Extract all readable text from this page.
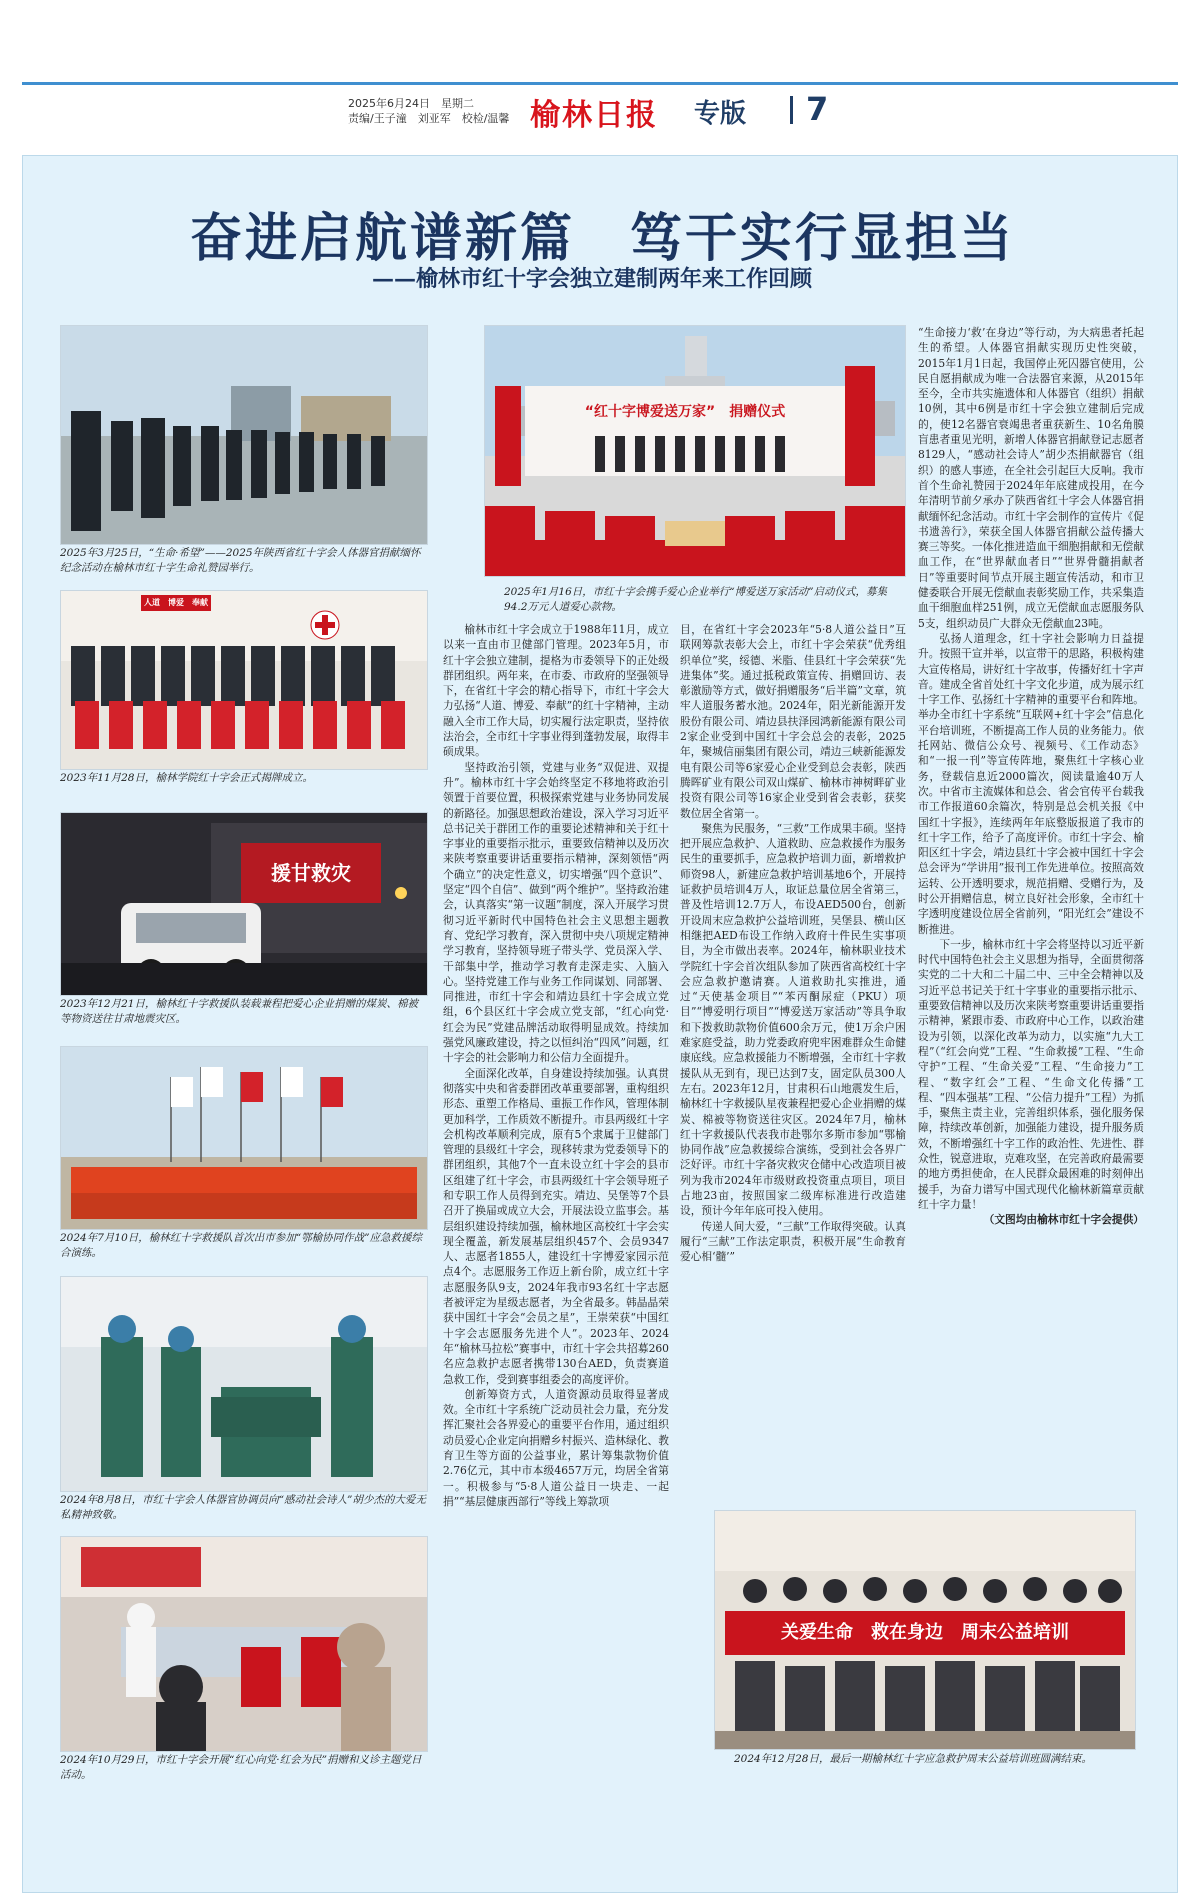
2025年6月24日　星期二
责编/王子潼　刘亚军　校检/温馨 榆林日报 专版 7
奋进启航谱新篇　笃干实行显担当
——榆林市红十字会独立建制两年来工作回顾
2025年3月25日，“生命·希望”——2025年陕西省红十字会人体器官捐献缅怀纪念活动在榆林市红十字生命礼赞园举行。
人道　博爱　奉献
2023年11月28日，榆林学院红十字会正式揭牌成立。
援甘救灾
2023年12月21日，榆林红十字救援队装载兼程把爱心企业捐赠的煤炭、棉被等物资送往甘肃地震灾区。
2024年7月10日，榆林红十字救援队首次出市参加“鄂榆协同作战”应急救援综合演练。
2024年8月8日，市红十字会人体器官协调员向“感动社会诗人”胡少杰的大爱无私精神致敬。
2024年10月29日，市红十字会开展“红心向党·红会为民”捐赠和义诊主题党日活动。
“红十字博爱送万家”　捐赠仪式
2025年1月16日，市红十字会携手爱心企业举行“博爱送万家活动”启动仪式，募集94.2万元人道爱心款物。
关爱生命　救在身边　周末公益培训
2024年12月28日，最后一期榆林红十字应急救护周末公益培训班圆满结束。

榆林市红十字会成立于1988年11月，成立以来一直由市卫健部门管理。2023年5月，市红十字会独立建制，提格为市委领导下的正处级群团组织。两年来，在市委、市政府的坚强领导下，在省红十字会的精心指导下，市红十字会大力弘扬“人道、博爱、奉献”的红十字精神，主动融入全市工作大局，切实履行法定职责，坚持依法治会，全市红十字事业得到蓬勃发展，取得丰硕成果。

坚持政治引领，党建与业务“双促进、双提升”。榆林市红十字会始终坚定不移地将政治引领置于首要位置，积极探索党建与业务协同发展的新路径。加强思想政治建设，深入学习习近平总书记关于群团工作的重要论述精神和关于红十字事业的重要指示批示，重要致信精神以及历次来陕考察重要讲话重要指示精神，深刻领悟“两个确立”的决定性意义，切实增强“四个意识”、坚定“四个自信”、做到“两个维护”。坚持政治建会，认真落实“第一议题”制度，深入开展学习贯彻习近平新时代中国特色社会主义思想主题教育、党纪学习教育，深入贯彻中央八项规定精神学习教育，坚持领导班子带头学、党员深入学、干部集中学，推动学习教育走深走实、入脑入心。坚持党建工作与业务工作同谋划、同部署、同推进，市红十字会和靖边县红十字会成立党组，6个县区红十字会成立党支部，“红心向党·红会为民”党建品牌活动取得明显成效。持续加强党风廉政建设，持之以恒纠治“四风”问题，红十字会的社会影响力和公信力全面提升。

全面深化改革，自身建设持续加强。认真贯彻落实中央和省委群团改革重要部署，重构组织形态、重塑工作格局、重振工作作风，管理体制更加科学，工作质效不断提升。市县两级红十字会机构改革顺利完成，原有5个隶属于卫健部门管理的县级红十字会，现移转隶为党委领导下的群团组织，其他7个一直未设立红十字会的县市区组建了红十字会，市县两级红十字会领导班子和专职工作人员得到充实。靖边、吴堡等7个县召开了换届或成立大会，开展法设立监事会。基层组织建设持续加强，榆林地区高校红十字会实现全覆盖，新发展基层组织457个、会员9347人、志愿者1855人，建设红十字博爱家园示范点4个。志愿服务工作迈上新台阶，成立红十字志愿服务队9支，2024年我市93名红十字志愿者被评定为星级志愿者，为全省最多。韩晶晶荣获中国红十字会“会员之星”，王崇荣获“中国红十字会志愿服务先进个人”。2023年、2024年“榆林马拉松”赛事中，市红十字会共招募260名应急救护志愿者携带130台AED，负责赛道急救工作，受到赛事组委会的高度评价。

创新筹资方式，人道资源动员取得显著成效。全市红十字系统广泛动员社会力量，充分发挥汇聚社会各界爱心的重要平台作用，通过组织动员爱心企业定向捐赠乡村振兴、造林绿化、教育卫生等方面的公益事业，累计筹集款物价值2.76亿元，其中市本级4657万元，均居全省第一。积极参与“5·8人道公益日一块走、一起捐”“基层健康西部行”等线上筹款项

目，在省红十字会2023年“5·8人道公益日”互联网筹款表彰大会上，市红十字会荣获“优秀组织单位”奖，绥德、米脂、佳县红十字会荣获“先进集体”奖。通过抵税政策宣传、捐赠回访、表彰激励等方式，做好捐赠服务“后半篇”文章，筑牢人道服务蓄水池。2024年，阳光新能源开发股份有限公司、靖边县扶泽园鸿新能源有限公司2家企业受到中国红十字会总会的表彰，2025年，聚城信丽集团有限公司，靖边三峡新能源发电有限公司等6家爱心企业受到总会表彰，陕西腾晖矿业有限公司双山煤矿、榆林市神树畔矿业投资有限公司等16家企业受到省会表彰，获奖数位居全省第一。

聚焦为民服务，“三救”工作成果丰硕。坚持把开展应急救护、人道救助、应急救援作为服务民生的重要抓手，应急救护培训力面，新增救护师资98人，新建应急救护培训基地6个，开展持证救护员培训4万人，取证总量位居全省第三，普及性培训12.7万人，布设AED500台，创新开设周末应急救护公益培训班，吴堡县、横山区相继把AED布设工作纳入政府十件民生实事项目，为全市做出表率。2024年，榆林职业技术学院红十字会首次组队参加了陕西省高校红十字会应急救护邀请赛。人道救助扎实推进，通过“天使基金项目”“苯丙酮尿症（PKU）项目”“博爱明行项目”“博爱送万家活动”等具争取和下拨救助款物价值600余万元，使1万余户困难家庭受益，助力党委政府兜牢困难群众生命健康底线。应急救援能力不断增强，全市红十字救援队从无到有，现已达到7支，固定队员300人左右。2023年12月，甘肃积石山地震发生后，榆林红十字救援队星夜兼程把爱心企业捐赠的煤炭、棉被等物资送往灾区。2024年7月，榆林红十字救援队代表我市赴鄂尔多斯市参加“鄂榆协同作战”应急救援综合演练，受到社会各界广泛好评。市红十字备灾救灾仓储中心改造项目被列为我市2024年市级财政投资重点项目，项目占地23亩，按照国家二级库标准进行改造建设，预计今年年底可投入使用。

传递人间大爱，“三献”工作取得突破。认真履行“三献”工作法定职责，积极开展“生命教育 爱心相‘髓’”

“生命接力‘救’在身边”等行动，为大病患者托起生的希望。人体器官捐献实现历史性突破，2015年1月1日起，我国停止死囚器官使用，公民自愿捐献成为唯一合法器官来源，从2015年至今，全市共实施遗体和人体器官（组织）捐献10例，其中6例是市红十字会独立建制后完成的，使12名器官衰竭患者重获新生、10名角膜盲患者重见光明，新增人体器官捐献登记志愿者8129人，“感动社会诗人”胡少杰捐献器官（组织）的感人事迹，在全社会引起巨大反响。我市首个生命礼赞园于2024年年底建成投用，在今年清明节前夕承办了陕西省红十字会人体器官捐献缅怀纪念活动。市红十字会制作的宣传片《促书遗善行》，荣获全国人体器官捐献公益传播大赛三等奖。一体化推进造血干细胞捐献和无偿献血工作，在“世界献血者日”“世界骨髓捐献者日”等重要时间节点开展主题宣传活动，和市卫健委联合开展无偿献血表彰奖励工作，共采集造血干细胞血样251例，成立无偿献血志愿服务队5支，组织动员广大群众无偿献血23吨。

弘扬人道理念，红十字社会影响力日益提升。按照干宣并举，以宣带干的思路，积极构建大宣传格局，讲好红十字故事，传播好红十字声音。建成全省首处红十字文化步道，成为展示红十字工作、弘扬红十字精神的重要平台和阵地。举办全市红十字系统“互联网+红十字会”信息化平台培训班，不断提高工作人员的业务能力。依托网站、微信公众号、视频号、《工作动态》和“一报一刊”等宣传阵地，聚焦红十字核心业务，登载信息近2000篇次，阅读量逾40万人次。中省市主流媒体和总会、省会官传平台载我市工作报道60余篇次，特别是总会机关报《中国红十字报》，连续两年年底整版报道了我市的红十字工作，给予了高度评价。市红十字会、榆阳区红十字会，靖边县红十字会被中国红十字会总会评为“学讲用”报刊工作先进单位。按照高效运转、公开透明要求，规范捐赠、受赠行为，及时公开捐赠信息，树立良好社会形象，全市红十字透明度建设位居全省前列，“阳光红会”建设不断推进。

下一步，榆林市红十字会将坚持以习近平新时代中国特色社会主义思想为指导，全面贯彻落实党的二十大和二十届二中、三中全会精神以及习近平总书记关于红十字事业的重要指示批示、重要致信精神以及历次来陕考察重要讲话重要指示精神，紧跟市委、市政府中心工作，以政治建设为引领，以深化改革为动力，以实施“九大工程”（“红会向党”工程、“生命救援”工程、“生命守护”工程、“生命关爱”工程、“生命接力”工程、“数字红会”工程、“生命文化传播”工程、“四本强基”工程、“公信力提升”工程）为抓手，聚焦主责主业，完善组织体系，强化服务保障，持续改革创新，加强能力建设，提升服务质效，不断增强红十字工作的政治性、先进性、群众性，锐意进取，克难攻坚，在完善政府最需要的地方勇担使命，在人民群众最困难的时刻伸出援手，为奋力谱写中国式现代化榆林新篇章贡献红十字力量！

（文图均由榆林市红十字会提供）
